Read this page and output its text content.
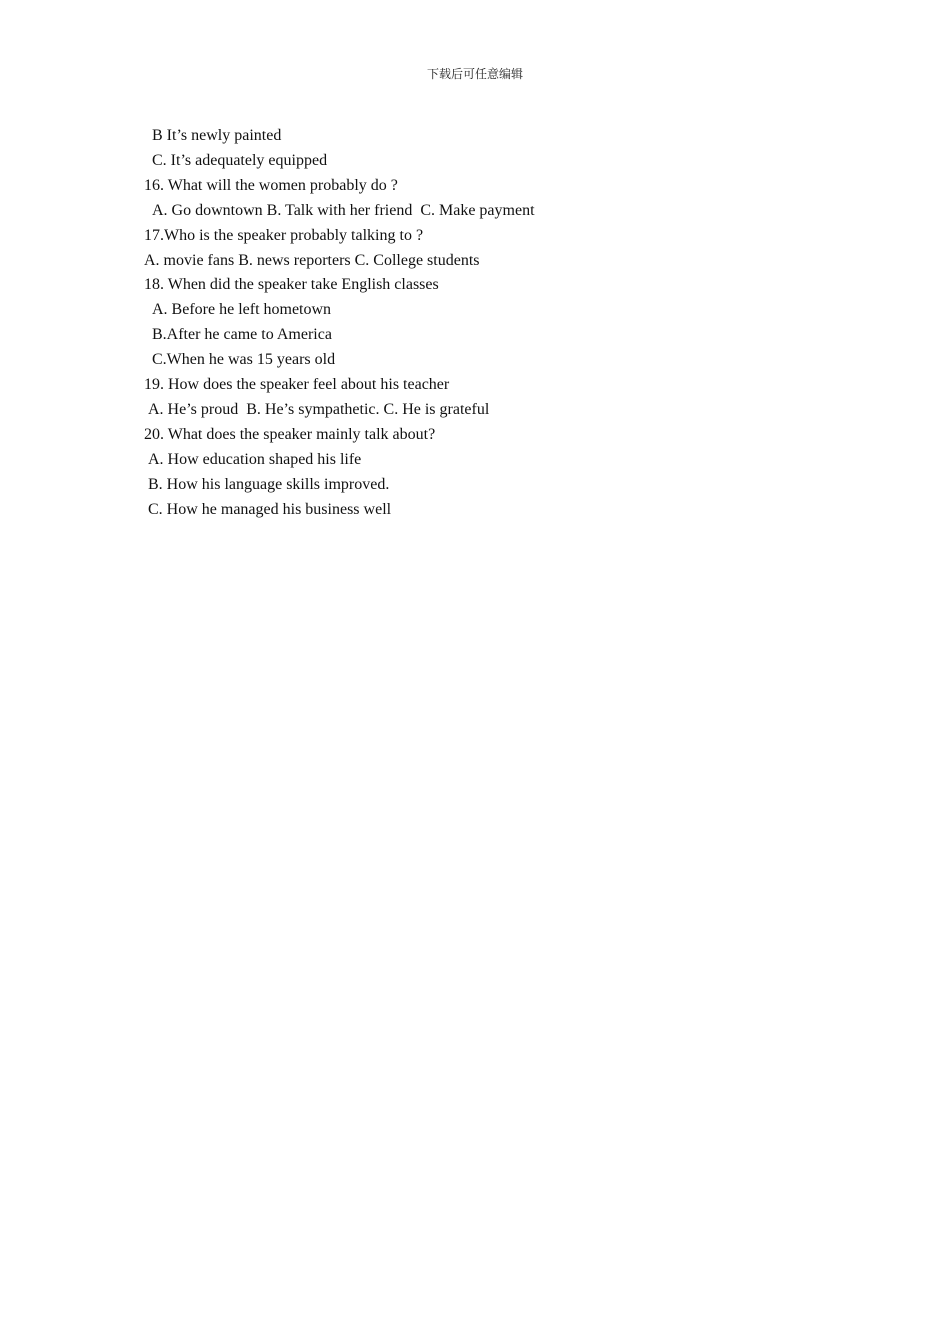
下载后可任意编辑
B It’s newly painted
C. It’s adequately equipped
16. What will the women probably do ?
A. Go downtown B. Talk with her friend  C. Make payment
17.Who is the speaker probably talking to ?
A. movie fans B. news reporters C. College students
18. When did the speaker take English classes
A. Before he left hometown
B.After he came to America
C.When he was 15 years old
19. How does the speaker feel about his teacher
A. He’s proud  B. He’s sympathetic. C. He is grateful
20. What does the speaker mainly talk about?
A. How education shaped his life
B. How his language skills improved.
C. How he managed his business well
